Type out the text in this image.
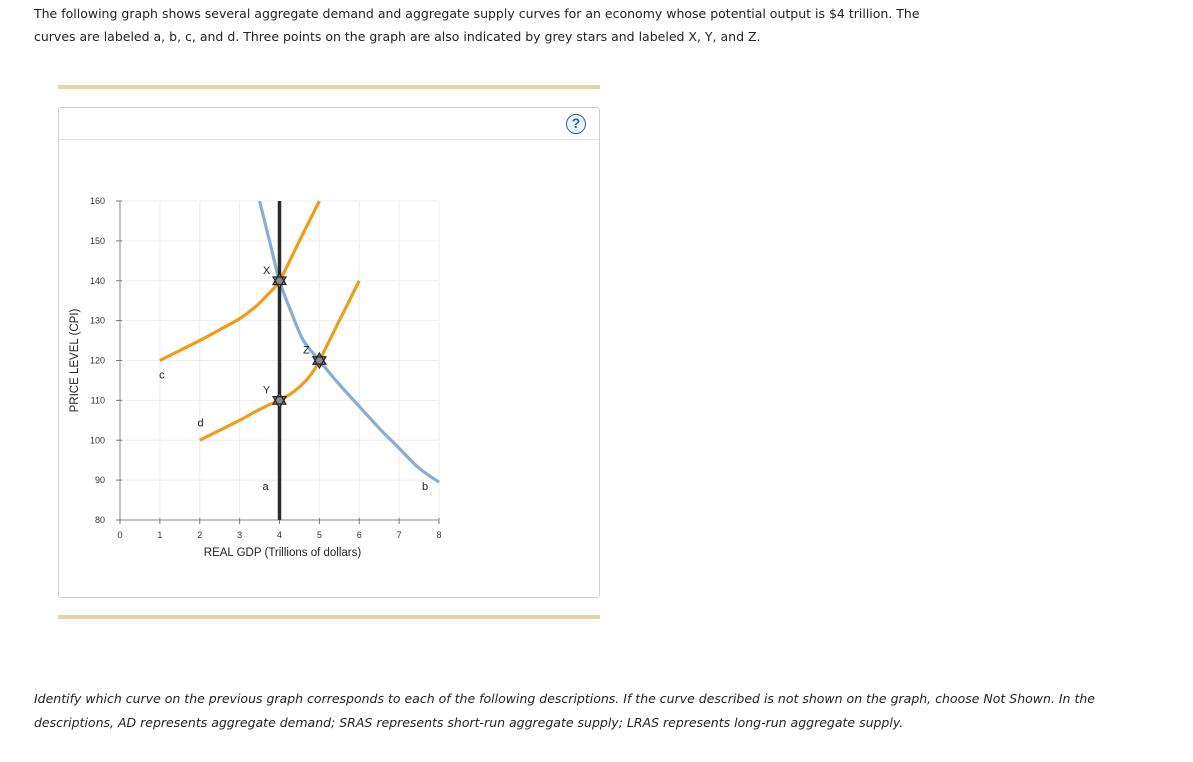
The following graph shows several aggregate demand and aggregate supply curves for an economy whose potential output is $4 trillion. The
curves are labeled a, b, c, and d. Three points on the graph are also indicated by grey stars and labeled X, Y, and Z.
?
160
150
140
130
120
110
100
90
80
0	1	2	3	4	5	6	7	8
REAL GDP (Trillions of dollars)
PRICE LEVEL (CPI)
a	b
c
d
X
Y
Z
Identify which curve on the previous graph corresponds to each of the following descriptions. If the curve described is not shown on the graph, choose Not Shown. In the descriptions, AD represents aggregate demand; SRAS represents short-run aggregate supply; LRAS represents long-run aggregate supply.
